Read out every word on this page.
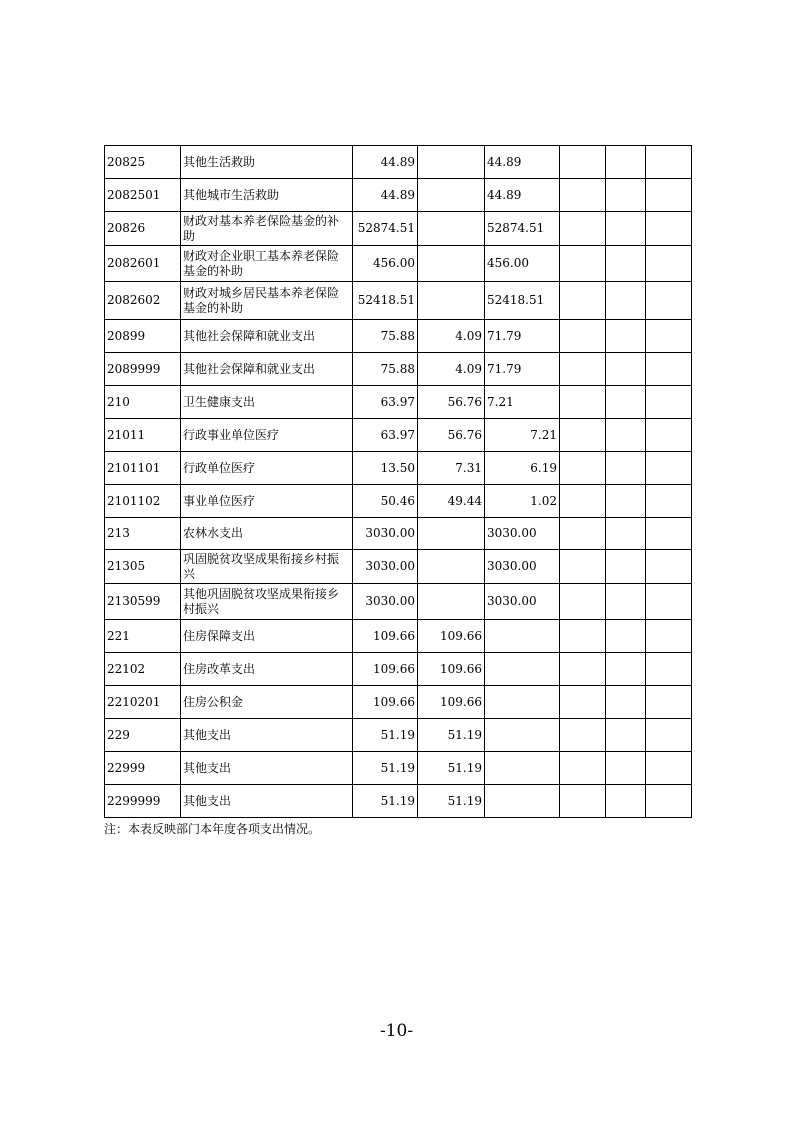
20825	其他生活救助	44.89		44.89			
2082501	其他城市生活救助	44.89		44.89			
20826	财政对基本养老保险基金的补助	52874.51		52874.51			
2082601	财政对企业职工基本养老保险基金的补助	456.00		456.00			
2082602	财政对城乡居民基本养老保险基金的补助	52418.51		52418.51			
20899	其他社会保障和就业支出	75.88	4.09	71.79			
2089999	其他社会保障和就业支出	75.88	4.09	71.79			
210	卫生健康支出	63.97	56.76	7.21			
21011	行政事业单位医疗	63.97	56.76	7.21			
2101101	行政单位医疗	13.50	7.31	6.19			
2101102	事业单位医疗	50.46	49.44	1.02			
213	农林水支出	3030.00		3030.00			
21305	巩固脱贫攻坚成果衔接乡村振兴	3030.00		3030.00			
2130599	其他巩固脱贫攻坚成果衔接乡村振兴	3030.00		3030.00			
221	住房保障支出	109.66	109.66				
22102	住房改革支出	109.66	109.66				
2210201	住房公积金	109.66	109.66				
229	其他支出	51.19	51.19				
22999	其他支出	51.19	51.19				
2299999	其他支出	51.19	51.19				
注：本表反映部门本年度各项支出情况。
-10-
